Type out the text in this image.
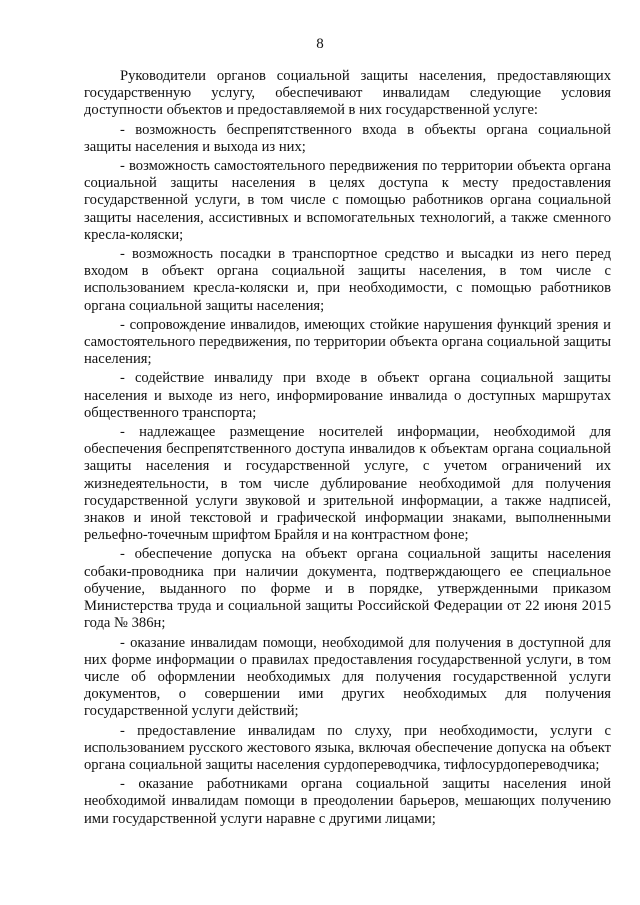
8

Руководители органов социальной защиты населения, предоставляющих государственную услугу, обеспечивают инвалидам следующие условия доступности объектов и предоставляемой в них государственной услуге:

- возможность беспрепятственного входа в объекты органа социальной защиты населения и выхода из них;

- возможность самостоятельного передвижения по территории объекта органа социальной защиты населения в целях доступа к месту предоставления государственной услуги, в том числе с помощью работников органа социальной защиты населения, ассистивных и вспомогательных технологий, а также сменного кресла-коляски;

- возможность посадки в транспортное средство и высадки из него перед входом в объект органа социальной защиты населения, в том числе с использованием кресла-коляски и, при необходимости, с помощью работников органа социальной защиты населения;

- сопровождение инвалидов, имеющих стойкие нарушения функций зрения и самостоятельного передвижения, по территории объекта органа социальной защиты населения;

- содействие инвалиду при входе в объект органа социальной защиты населения и выходе из него, информирование инвалида о доступных маршрутах общественного транспорта;

- надлежащее размещение носителей информации, необходимой для обеспечения беспрепятственного доступа инвалидов к объектам органа социальной защиты населения и государственной услуге, с учетом ограничений их жизнедеятельности, в том числе дублирование необходимой для получения государственной услуги звуковой и зрительной информации, а также надписей, знаков и иной текстовой и графической информации знаками, выполненными рельефно-точечным шрифтом Брайля и на контрастном фоне;

- обеспечение допуска на объект органа социальной защиты населения собаки-проводника при наличии документа, подтверждающего ее специальное обучение, выданного по форме и в порядке, утвержденными приказом Министерства труда и социальной защиты Российской Федерации от 22 июня 2015 года № 386н;

- оказание инвалидам помощи, необходимой для получения в доступной для них форме информации о правилах предоставления государственной услуги, в том числе об оформлении необходимых для получения государственной услуги документов, о совершении ими других необходимых для получения государственной услуги действий;

- предоставление инвалидам по слуху, при необходимости, услуги с использованием русского жестового языка, включая обеспечение допуска на объект органа социальной защиты населения сурдопереводчика, тифлосурдопереводчика;

- оказание работниками органа социальной защиты населения иной необходимой инвалидам помощи в преодолении барьеров, мешающих получению ими государственной услуги наравне с другими лицами;
